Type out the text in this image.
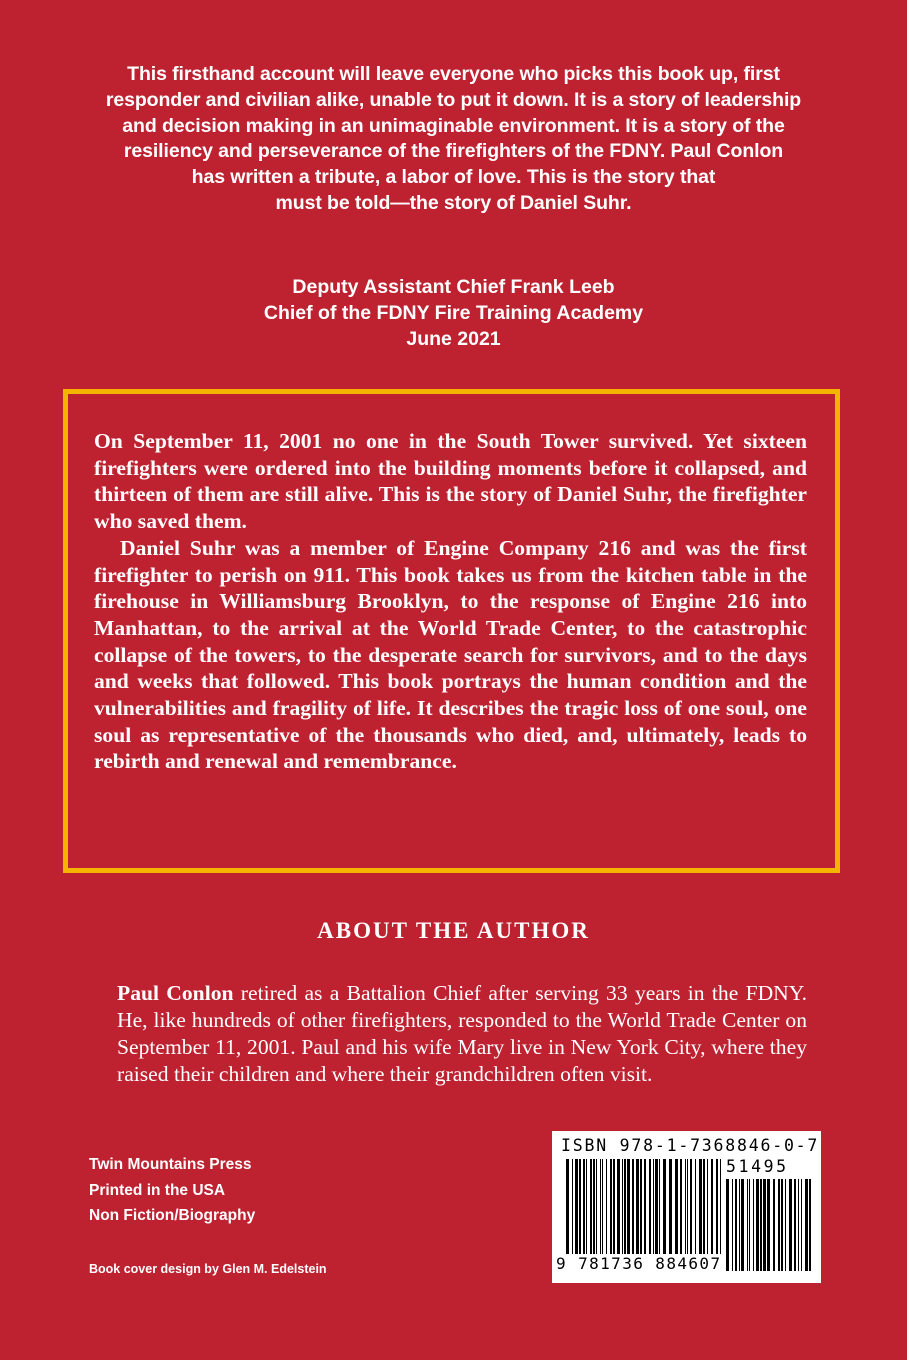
This firsthand account will leave everyone who picks this book up, first
responder and civilian alike, unable to put it down. It is a story of leadership
and decision making in an unimaginable environment. It is a story of the
resiliency and perseverance of the firefighters of the FDNY. Paul Conlon
has written a tribute, a labor of love. This is the story that
must be told—the story of Daniel Suhr.
Deputy Assistant Chief Frank Leeb
Chief of the FDNY Fire Training Academy
June 2021

On September 11, 2001 no one in the South Tower survived. Yet sixteen firefighters were ordered into the building moments before it collapsed, and thirteen of them are still alive. This is the story of Daniel Suhr, the firefighter who saved them.

Daniel Suhr was a member of Engine Company 216 and was the first firefighter to perish on 911. This book takes us from the kitchen table in the firehouse in Williamsburg Brooklyn, to the response of Engine 216 into Manhattan, to the arrival at the World Trade Center, to the catastrophic collapse of the towers, to the desperate search for survivors, and to the days and weeks that followed. This book portrays the human condition and the vulnerabilities and fragility of life. It describes the tragic loss of one soul, one soul as representative of the thousands who died, and, ultimately, leads to rebirth and renewal and remembrance.

ABOUT THE AUTHOR
Paul Conlon retired as a Battalion Chief after serving 33 years in the FDNY. He, like hundreds of other firefighters, responded to the World Trade Center on September 11, 2001. Paul and his wife Mary live in New York City, where they raised their children and where their grandchildren often visit.
Twin Mountains Press
Printed in the USA
Non Fiction/Biography
Book cover design by Glen M. Edelstein
ISBN 978-1-7368846-0-7
51495
9 781736 884607
